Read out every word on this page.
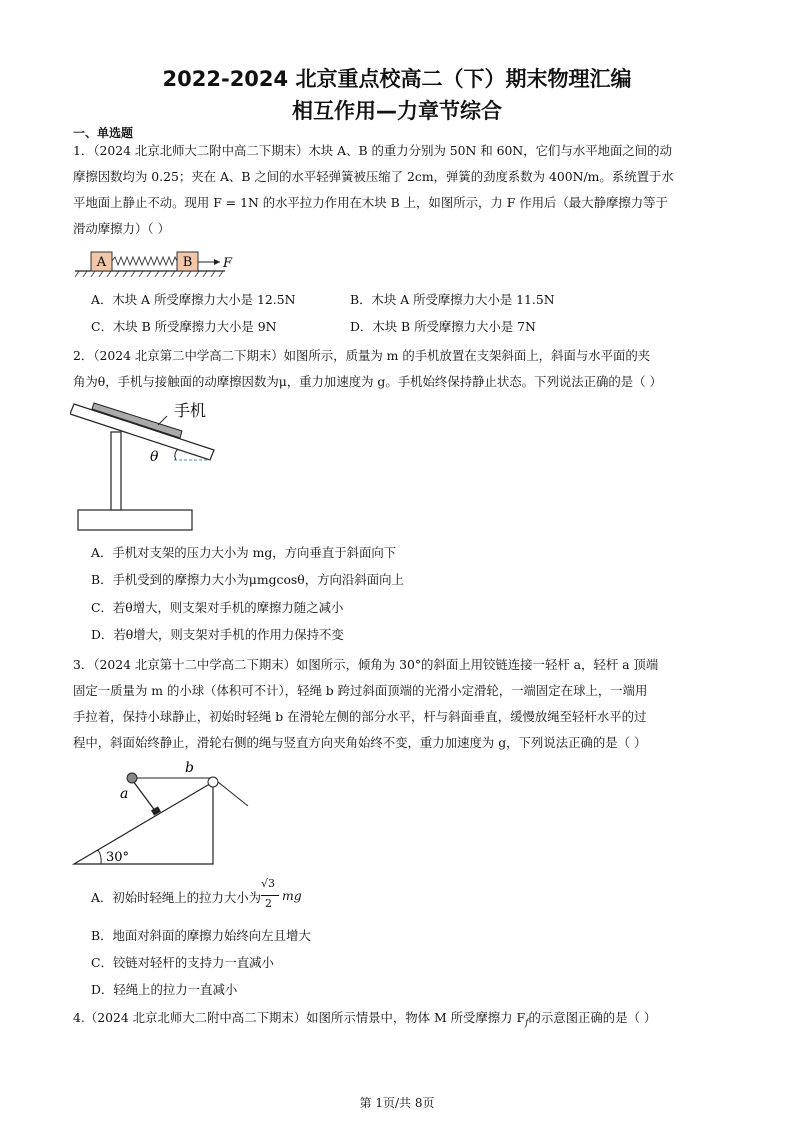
2022-2024 北京重点校高二（下）期末物理汇编
相互作用—力章节综合
一、单选题
1．（2024 北京北师大二附中高二下期末）木块 A、B 的重力分别为 50N 和 60N，它们与水平地面之间的动
摩擦因数均为 0.25；夹在 A、B 之间的水平轻弹簧被压缩了 2cm，弹簧的劲度系数为 400N/m。系统置于水
平地面上静止不动。现用 F = 1N 的水平拉力作用在木块 B 上，如图所示，力 F 作用后（最大静摩擦力等于
滑动摩擦力）（ ）
A	B F
A．木块 A 所受摩擦力大小是 12.5N	B．木块 A 所受摩擦力大小是 11.5N
C．木块 B 所受摩擦力大小是 9N	D．木块 B 所受摩擦力大小是 7N
2．（2024 北京第二中学高二下期末）如图所示，质量为 m 的手机放置在支架斜面上，斜面与水平面的夹
角为θ，手机与接触面的动摩擦因数为μ，重力加速度为 g。手机始终保持静止状态。下列说法正确的是（ ）
手机
θ
A．手机对支架的压力大小为 mg，方向垂直于斜面向下
B．手机受到的摩擦力大小为μmgcosθ，方向沿斜面向上
C．若θ增大，则支架对手机的摩擦力随之减小
D．若θ增大，则支架对手机的作用力保持不变
3．（2024 北京第十二中学高二下期末）如图所示，倾角为 30°的斜面上用铰链连接一轻杆 a，轻杆 a 顶端
固定一质量为 m 的小球（体积可不计），轻绳 b 跨过斜面顶端的光滑小定滑轮，一端固定在球上，一端用
手拉着，保持小球静止，初始时轻绳 b 在滑轮左侧的部分水平，杆与斜面垂直，缓慢放绳至轻杆水平的过
程中，斜面始终静止，滑轮右侧的绳与竖直方向夹角始终不变，重力加速度为 g，下列说法正确的是（ ）
a
b
30°
A．初始时轻绳上的拉力大小为
√3
2
mg
B．地面对斜面的摩擦力始终向左且增大
C．铰链对轻杆的支持力一直减小
D．轻绳上的拉力一直减小
4.（2024 北京北师大二附中高二下期末）如图所示情景中，物体 M 所受摩擦力 $F_f$的示意图正确的是（ ）
第 1页/共 8页
